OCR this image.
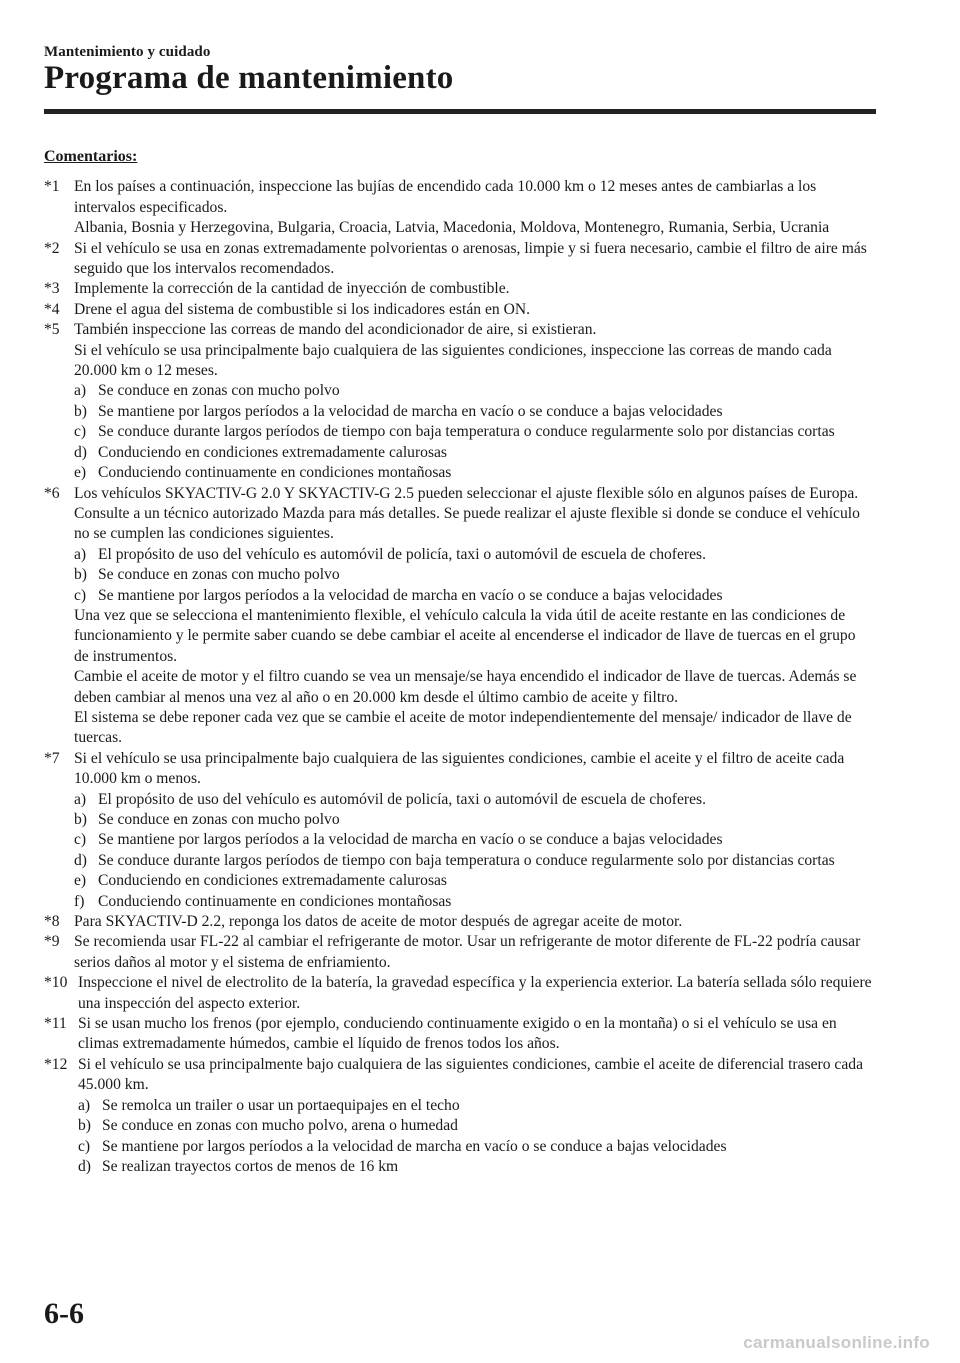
Mantenimiento y cuidado
Programa de mantenimiento
Comentarios:
*1 En los países a continuación, inspeccione las bujías de encendido cada 10.000 km o 12 meses antes de cambiarlas a los intervalos especificados.
Albania, Bosnia y Herzegovina, Bulgaria, Croacia, Latvia, Macedonia, Moldova, Montenegro, Rumania, Serbia, Ucrania
*2 Si el vehículo se usa en zonas extremadamente polvorientas o arenosas, limpie y si fuera necesario, cambie el filtro de aire más seguido que los intervalos recomendados.
*3 Implemente la corrección de la cantidad de inyección de combustible.
*4 Drene el agua del sistema de combustible si los indicadores están en ON.
*5 También inspeccione las correas de mando del acondicionador de aire, si existieran.
Si el vehículo se usa principalmente bajo cualquiera de las siguientes condiciones, inspeccione las correas de mando cada 20.000 km o 12 meses.
a) Se conduce en zonas con mucho polvo
b) Se mantiene por largos períodos a la velocidad de marcha en vacío o se conduce a bajas velocidades
c) Se conduce durante largos períodos de tiempo con baja temperatura o conduce regularmente solo por distancias cortas
d) Conduciendo en condiciones extremadamente calurosas
e) Conduciendo continuamente en condiciones montañosas
*6 Los vehículos SKYACTIV-G 2.0 Y SKYACTIV-G 2.5 pueden seleccionar el ajuste flexible sólo en algunos países de Europa. Consulte a un técnico autorizado Mazda para más detalles. Se puede realizar el ajuste flexible si donde se conduce el vehículo no se cumplen las condiciones siguientes.
a) El propósito de uso del vehículo es automóvil de policía, taxi o automóvil de escuela de choferes.
b) Se conduce en zonas con mucho polvo
c) Se mantiene por largos períodos a la velocidad de marcha en vacío o se conduce a bajas velocidades
Una vez que se selecciona el mantenimiento flexible, el vehículo calcula la vida útil de aceite restante en las condiciones de funcionamiento y le permite saber cuando se debe cambiar el aceite al encenderse el indicador de llave de tuercas en el grupo de instrumentos.
Cambie el aceite de motor y el filtro cuando se vea un mensaje/se haya encendido el indicador de llave de tuercas. Además se deben cambiar al menos una vez al año o en 20.000 km desde el último cambio de aceite y filtro.
El sistema se debe reponer cada vez que se cambie el aceite de motor independientemente del mensaje/ indicador de llave de tuercas.
*7 Si el vehículo se usa principalmente bajo cualquiera de las siguientes condiciones, cambie el aceite y el filtro de aceite cada 10.000 km o menos.
a) El propósito de uso del vehículo es automóvil de policía, taxi o automóvil de escuela de choferes.
b) Se conduce en zonas con mucho polvo
c) Se mantiene por largos períodos a la velocidad de marcha en vacío o se conduce a bajas velocidades
d) Se conduce durante largos períodos de tiempo con baja temperatura o conduce regularmente solo por distancias cortas
e) Conduciendo en condiciones extremadamente calurosas
f) Conduciendo continuamente en condiciones montañosas
*8 Para SKYACTIV-D 2.2, reponga los datos de aceite de motor después de agregar aceite de motor.
*9 Se recomienda usar FL-22 al cambiar el refrigerante de motor. Usar un refrigerante de motor diferente de FL-22 podría causar serios daños al motor y el sistema de enfriamiento.
*10 Inspeccione el nivel de electrolito de la batería, la gravedad específica y la experiencia exterior. La batería sellada sólo requiere una inspección del aspecto exterior.
*11 Si se usan mucho los frenos (por ejemplo, conduciendo continuamente exigido o en la montaña) o si el vehículo se usa en climas extremadamente húmedos, cambie el líquido de frenos todos los años.
*12 Si el vehículo se usa principalmente bajo cualquiera de las siguientes condiciones, cambie el aceite de diferencial trasero cada 45.000 km.
a) Se remolca un trailer o usar un portaequipajes en el techo
b) Se conduce en zonas con mucho polvo, arena o humedad
c) Se mantiene por largos períodos a la velocidad de marcha en vacío o se conduce a bajas velocidades
d) Se realizan trayectos cortos de menos de 16 km
6-6
carmanualsonline.info
